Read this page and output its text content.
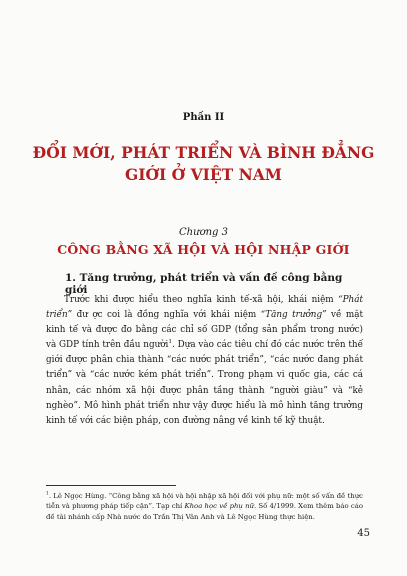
Phần II
ĐỔI MỚI, PHÁT TRIỂN VÀ BÌNH ĐẲNG GIỚI Ở VIỆT NAM
Chương 3
CÔNG BẰNG XÃ HỘI VÀ HỘI NHẬP GIỚI
1. Tăng trưởng, phát triển và vấn đề công bằng giới

Trước khi được hiểu theo nghĩa kinh tế-xã hội, khái niệm “Phát triển” đư ợc coi là đồng nghĩa với khái niệm “Tăng trưởng” về mặt kinh tế và được đo bằng các chỉ số GDP (tổng sản phẩm trong nước) và GDP tính trên đầu người$^1$. Dựa vào các tiêu chí đó các nước trên thế giới được phân chia thành “các nước phát triển”, “các nước đang phát triển” và “các nước kém phát triển”. Trong phạm vi quốc gia, các cá nhân, các nhóm xã hội được phân tầng thành “người giàu” và “kẻ nghèo”. Mô hình phát triển như vậy được hiểu là mô hình tăng trưởng kinh tế với các biện pháp, con đường nâng về kinh tế kỹ thuật.

$^1$. Lê Ngọc Hùng. “Công bằng xã hội và hội nhập xã hội đối với phụ nữ: một số vấn đề thực tiễn và phương pháp tiếp cận”. Tạp chí Khoa học về phụ nữ. Số 4/1999. Xem thêm báo cáo đề tài nhánh cấp Nhà nước do Trần Thị Vân Anh và Lê Ngọc Hùng thực hiện.

45
